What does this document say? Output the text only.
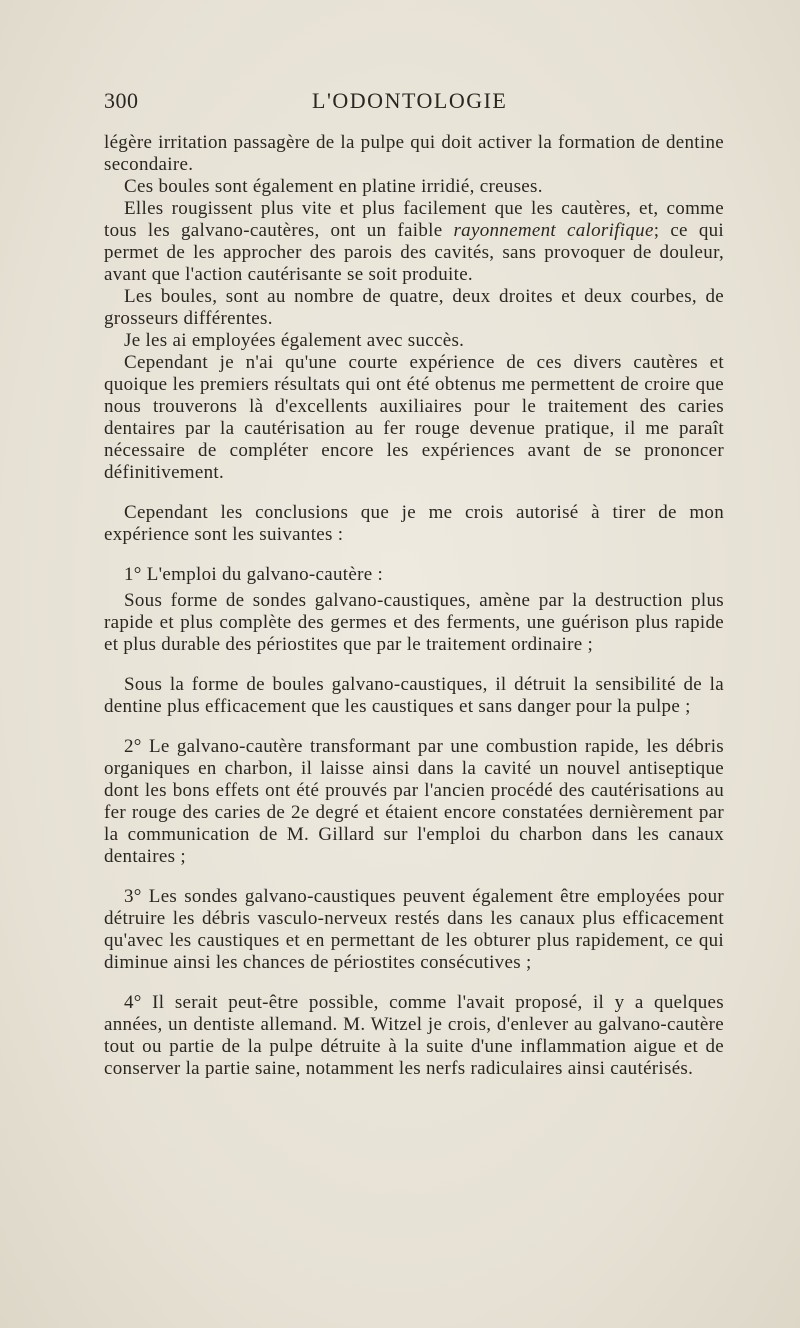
300	L'ODONTOLOGIE

légère irritation passagère de la pulpe qui doit activer la formation de dentine secondaire.

Ces boules sont également en platine irridié, creuses.

Elles rougissent plus vite et plus facilement que les cautères, et, comme tous les galvano-cautères, ont un faible rayonnement calorifique; ce qui permet de les approcher des parois des cavités, sans provoquer de douleur, avant que l'action cautérisante se soit produite.

Les boules, sont au nombre de quatre, deux droites et deux courbes, de grosseurs différentes.

Je les ai employées également avec succès.

Cependant je n'ai qu'une courte expérience de ces divers cautères et quoique les premiers résultats qui ont été obtenus me permettent de croire que nous trouverons là d'excellents auxiliaires pour le traitement des caries dentaires par la cautérisation au fer rouge devenue pratique, il me paraît nécessaire de compléter encore les expériences avant de se prononcer définitivement.

Cependant les conclusions que je me crois autorisé à tirer de mon expérience sont les suivantes :

1° L'emploi du galvano-cautère :

Sous forme de sondes galvano-caustiques, amène par la destruction plus rapide et plus complète des germes et des ferments, une guérison plus rapide et plus durable des périostites que par le traitement ordinaire ;

Sous la forme de boules galvano-caustiques, il détruit la sensibilité de la dentine plus efficacement que les caustiques et sans danger pour la pulpe ;

2° Le galvano-cautère transformant par une combustion rapide, les débris organiques en charbon, il laisse ainsi dans la cavité un nouvel antiseptique dont les bons effets ont été prouvés par l'ancien procédé des cautérisations au fer rouge des caries de 2e degré et étaient encore constatées dernièrement par la communication de M. Gillard sur l'emploi du charbon dans les canaux dentaires ;

3° Les sondes galvano-caustiques peuvent également être employées pour détruire les débris vasculo-nerveux restés dans les canaux plus efficacement qu'avec les caustiques et en permettant de les obturer plus rapidement, ce qui diminue ainsi les chances de périostites consécutives ;

4° Il serait peut-être possible, comme l'avait proposé, il y a quelques années, un dentiste allemand. M. Witzel je crois, d'enlever au galvano-cautère tout ou partie de la pulpe détruite à la suite d'une inflammation aigue et de conserver la partie saine, notamment les nerfs radiculaires ainsi cautérisés.
